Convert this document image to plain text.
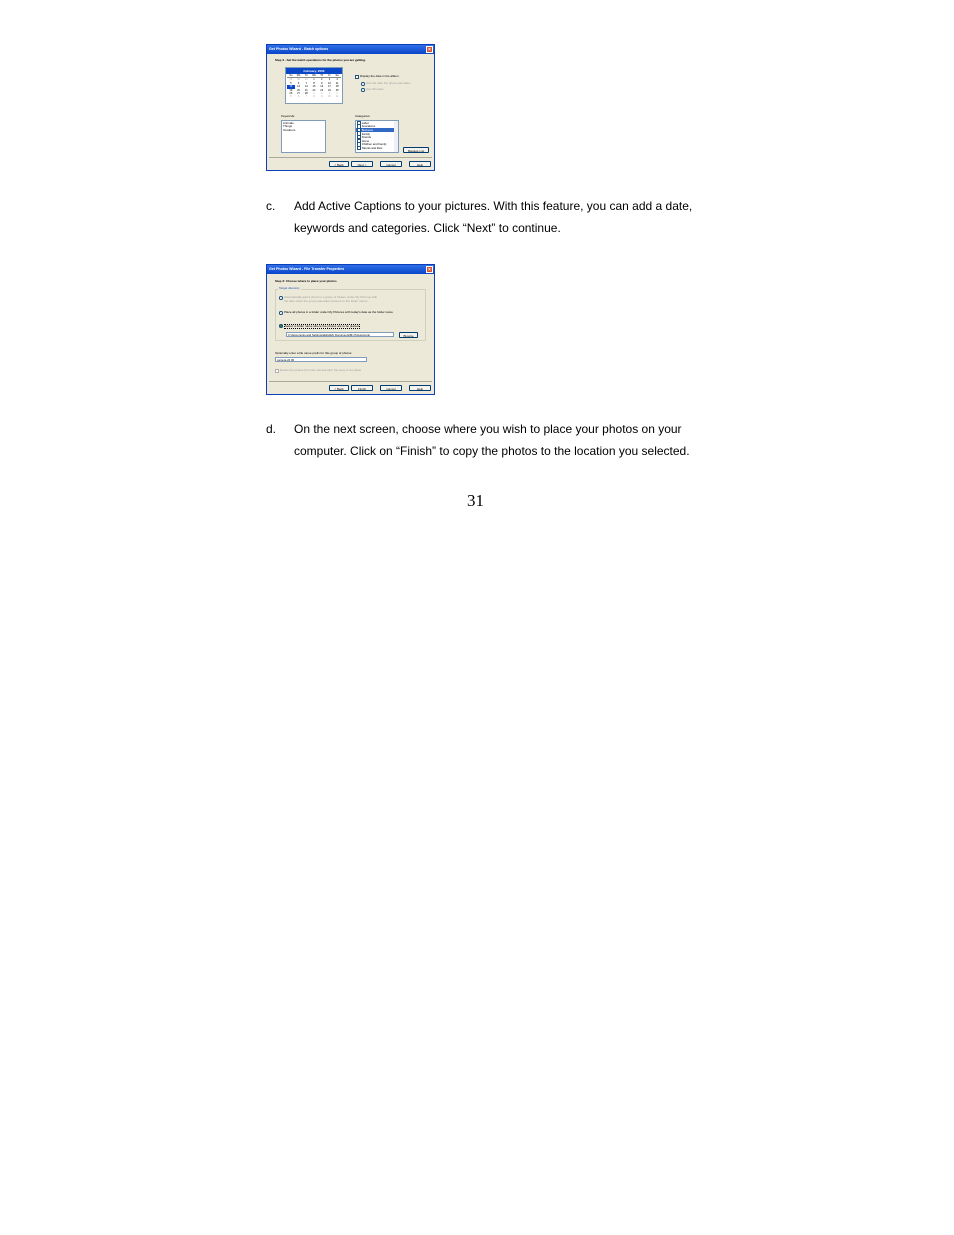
Get Photos Wizard - Batch options	×
Step 3 - Set the batch operations for the photos you are getting.
February, 2006
Su	Mo	Tu	We	Th	Fr	Sa
29	30	31	1	2	3	4
5	6	7	8	9	10	11
12	13	14	15	16	17	18
19	20	21	22	23	24	25
26	27	28	1	2	3	4
5	6	7	8	9	10	11
Display the date in the album
Use the date the photo was taken
Use this date
Keywords:
Animals
Things
Outdoors
Categories:
Label
Avocations
Business
Family
Friends
Home
Children and Family
Talents and Pets
Manage List
< Back	Next >	Cancel	Help
c. Add Active Captions to your pictures. With this feature, you can add a date,
keywords and categories. Click “Next” to continue.
Get Photos Wizard - File Transfer Properties	×
Step 3: Choose where to place your photos
Target directory
Automatically add a photo to a group of folders under My Pictures with
the date when the group was taken (based on the folder name)
Place all photos in a folder under My Pictures with today's date as the folder name
Select a folder name where the photos are to be placed
C:\Documents and Settings\alpha\My Documents\My Pictures\unti	Browse
Optionally enter a file name prefix for this group of photos:
camera 24 06
Delete the photos from the camera after the copy is complete
< Back	Finish	Cancel	Help
d. On the next screen, choose where you wish to place your photos on your
computer. Click on “Finish” to copy the photos to the location you selected.
31
